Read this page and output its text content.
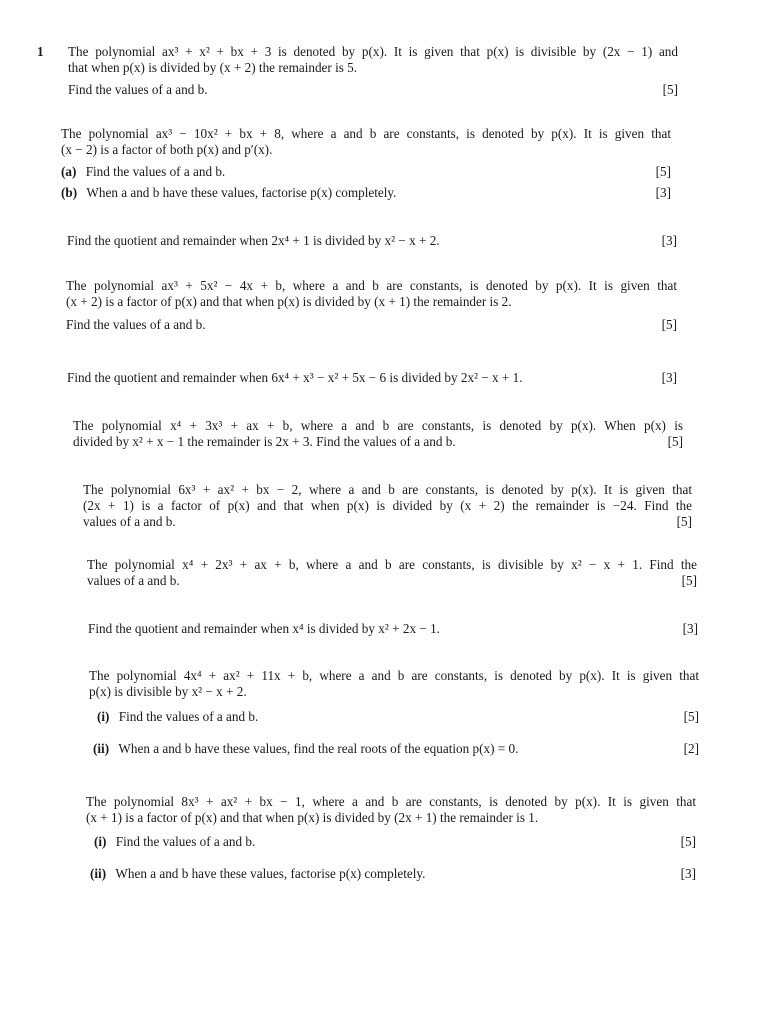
1 The polynomial ax³ + x² + bx + 3 is denoted by p(x). It is given that p(x) is divisible by (2x − 1) and
that when p(x) is divided by (x + 2) the remainder is 5.
Find the values of a and b.	[5]
The polynomial ax³ − 10x² + bx + 8, where a and b are constants, is denoted by p(x). It is given that
(x − 2) is a factor of both p(x) and p′(x).
(a) Find the values of a and b.	[5]
(b) When a and b have these values, factorise p(x) completely.	[3]
Find the quotient and remainder when 2x⁴ + 1 is divided by x² − x + 2.	[3]
The polynomial ax³ + 5x² − 4x + b, where a and b are constants, is denoted by p(x). It is given that
(x + 2) is a factor of p(x) and that when p(x) is divided by (x + 1) the remainder is 2.
Find the values of a and b.	[5]
Find the quotient and remainder when 6x⁴ + x³ − x² + 5x − 6 is divided by 2x² − x + 1.	[3]
The polynomial x⁴ + 3x³ + ax + b, where a and b are constants, is denoted by p(x). When p(x) is
divided by x² + x − 1 the remainder is 2x + 3. Find the values of a and b.	[5]
The polynomial 6x³ + ax² + bx − 2, where a and b are constants, is denoted by p(x). It is given that
(2x + 1) is a factor of p(x) and that when p(x) is divided by (x + 2) the remainder is −24. Find the
values of a and b.	[5]
The polynomial x⁴ + 2x³ + ax + b, where a and b are constants, is divisible by x² − x + 1. Find the
values of a and b.	[5]
Find the quotient and remainder when x⁴ is divided by x² + 2x − 1.	[3]
The polynomial 4x⁴ + ax² + 11x + b, where a and b are constants, is denoted by p(x). It is given that
p(x) is divisible by x² − x + 2.
(i) Find the values of a and b.	[5]
(ii) When a and b have these values, find the real roots of the equation p(x) = 0.	[2]
The polynomial 8x³ + ax² + bx − 1, where a and b are constants, is denoted by p(x). It is given that
(x + 1) is a factor of p(x) and that when p(x) is divided by (2x + 1) the remainder is 1.
(i) Find the values of a and b.	[5]
(ii) When a and b have these values, factorise p(x) completely.	[3]
